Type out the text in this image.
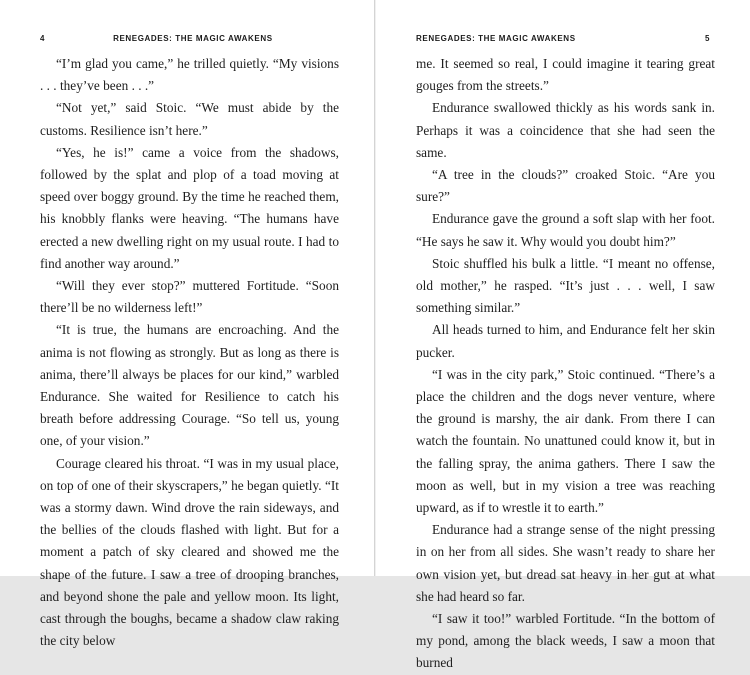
4	RENEGADES: THE MAGIC AWAKENS

“I’m glad you came,” he trilled quietly. “My visions . . . they’ve been . . .”

“Not yet,” said Stoic. “We must abide by the customs. Resilience isn’t here.”

“Yes, he is!” came a voice from the shadows, followed by the splat and plop of a toad moving at speed over boggy ground. By the time he reached them, his knobbly flanks were heaving. “The humans have erected a new dwelling right on my usual route. I had to find another way around.”

“Will they ever stop?” muttered Fortitude. “Soon there’ll be no wilderness left!”

“It is true, the humans are encroaching. And the anima is not flowing as strongly. But as long as there is anima, there’ll always be places for our kind,” warbled Endurance. She waited for Resilience to catch his breath before addressing Courage. “So tell us, young one, of your vision.”

Courage cleared his throat. “I was in my usual place, on top of one of their skyscrapers,” he began quietly. “It was a stormy dawn. Wind drove the rain sideways, and the bellies of the clouds flashed with light. But for a moment a patch of sky cleared and showed me the shape of the future. I saw a tree of drooping branches, and beyond shone the pale and yellow moon. Its light, cast through the boughs, became a shadow claw raking the city below

RENEGADES: THE MAGIC AWAKENS	5

me. It seemed so real, I could imagine it tearing great gouges from the streets.”

Endurance swallowed thickly as his words sank in. Perhaps it was a coincidence that she had seen the same.

“A tree in the clouds?” croaked Stoic. “Are you sure?”

Endurance gave the ground a soft slap with her foot. “He says he saw it. Why would you doubt him?”

Stoic shuffled his bulk a little. “I meant no offense, old mother,” he rasped. “It’s just . . . well, I saw something similar.”

All heads turned to him, and Endurance felt her skin pucker.

“I was in the city park,” Stoic continued. “There’s a place the children and the dogs never venture, where the ground is marshy, the air dank. From there I can watch the fountain. No unattuned could know it, but in the falling spray, the anima gathers. There I saw the moon as well, but in my vision a tree was reaching upward, as if to wrestle it to earth.”

Endurance had a strange sense of the night pressing in on her from all sides. She wasn’t ready to share her own vision yet, but dread sat heavy in her gut at what she had heard so far.

“I saw it too!” warbled Fortitude. “In the bottom of my pond, among the black weeds, I saw a moon that burned
